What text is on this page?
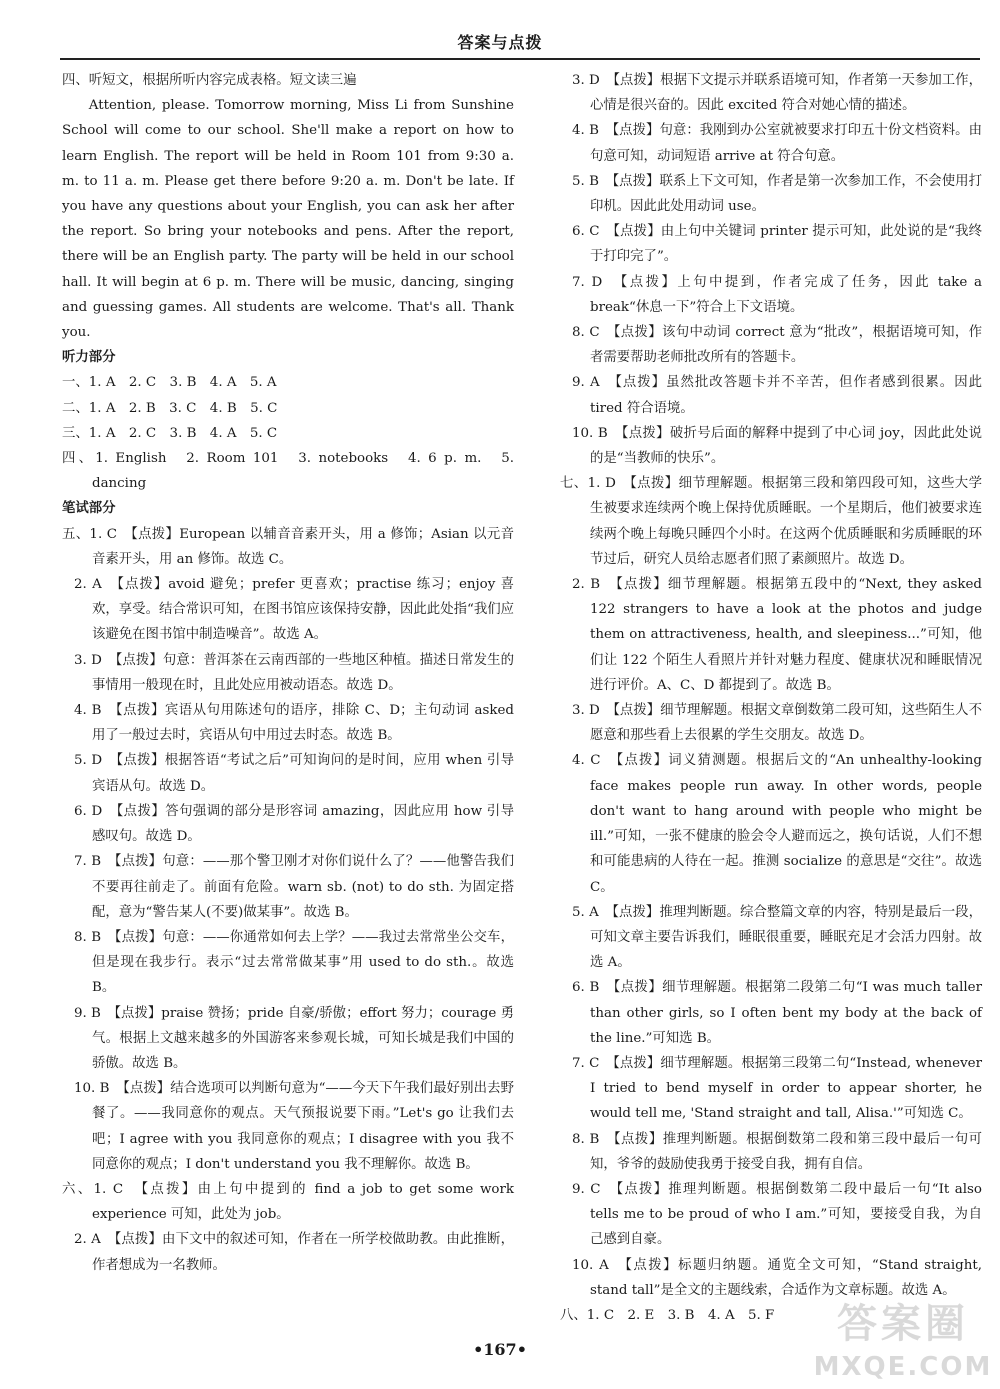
答案与点拨

四、听短文，根据所听内容完成表格。短文读三遍

Attention, please. Tomorrow morning, Miss Li from Sunshine School will come to our school. She'll make a report on how to learn English. The report will be held in Room 101 from 9:30 a. m. to 11 a. m. Please get there before 9:20 a. m. Don't be late. If you have any questions about your English, you can ask her after the report. So bring your notebooks and pens. After the report, there will be an English party. The party will be held in our school hall. It will begin at 6 p. m. There will be music, dancing, singing and guessing games. All students are welcome. That's all. Thank you.

听力部分

一、1. A　2. C　3. B　4. A　5. A

二、1. A　2. B　3. C　4. B　5. C

三、1. A　2. C　3. B　4. A　5. C

四、1. English　2. Room 101　3. notebooks　4. 6 p. m.　5. dancing

笔试部分

五、1. C　【点拨】European 以辅音音素开头，用 a 修饰；Asian 以元音音素开头，用 an 修饰。故选 C。

2. A　【点拨】avoid 避免；prefer 更喜欢；practise 练习；enjoy 喜欢，享受。结合常识可知，在图书馆应该保持安静，因此此处指“我们应该避免在图书馆中制造噪音”。故选 A。

3. D　【点拨】句意：普洱茶在云南西部的一些地区种植。描述日常发生的事情用一般现在时，且此处应用被动语态。故选 D。

4. B　【点拨】宾语从句用陈述句的语序，排除 C、D；主句动词 asked 用了一般过去时，宾语从句中用过去时态。故选 B。

5. D　【点拨】根据答语“考试之后”可知询问的是时间，应用 when 引导宾语从句。故选 D。

6. D　【点拨】答句强调的部分是形容词 amazing，因此应用 how 引导感叹句。故选 D。

7. B　【点拨】句意：——那个警卫刚才对你们说什么了？——他警告我们不要再往前走了。前面有危险。warn sb. (not) to do sth. 为固定搭配，意为“警告某人(不要)做某事”。故选 B。

8. B　【点拨】句意：——你通常如何去上学？——我过去常常坐公交车，但是现在我步行。表示“过去常常做某事”用 used to do sth.。故选 B。

9. B　【点拨】praise 赞扬；pride 自豪/骄傲；effort 努力；courage 勇气。根据上文越来越多的外国游客来参观长城，可知长城是我们中国的骄傲。故选 B。

10. B　【点拨】结合选项可以判断句意为“——今天下午我们最好别出去野餐了。——我同意你的观点。天气预报说要下雨。”Let's go 让我们去吧；I agree with you 我同意你的观点；I disagree with you 我不同意你的观点；I don't understand you 我不理解你。故选 B。

六、1. C　【点拨】由上句中提到的 find a job to get some work experience 可知，此处为 job。

2. A　【点拨】由下文中的叙述可知，作者在一所学校做助教。由此推断，作者想成为一名教师。

3. D　【点拨】根据下文提示并联系语境可知，作者第一天参加工作，心情是很兴奋的。因此 excited 符合对她心情的描述。

4. B　【点拨】句意：我刚到办公室就被要求打印五十份文档资料。由句意可知，动词短语 arrive at 符合句意。

5. B　【点拨】联系上下文可知，作者是第一次参加工作，不会使用打印机。因此此处用动词 use。

6. C　【点拨】由上句中关键词 printer 提示可知，此处说的是“我终于打印完了”。

7. D　【点拨】上句中提到，作者完成了任务，因此 take a break“休息一下”符合上下文语境。

8. C　【点拨】该句中动词 correct 意为“批改”，根据语境可知，作者需要帮助老师批改所有的答题卡。

9. A　【点拨】虽然批改答题卡并不辛苦，但作者感到很累。因此 tired 符合语境。

10. B　【点拨】破折号后面的解释中提到了中心词 joy，因此此处说的是“当教师的快乐”。

七、1. D　【点拨】细节理解题。根据第三段和第四段可知，这些大学生被要求连续两个晚上保持优质睡眠。一个星期后，他们被要求连续两个晚上每晚只睡四个小时。在这两个优质睡眠和劣质睡眠的环节过后，研究人员给志愿者们照了素颜照片。故选 D。

2. B　【点拨】细节理解题。根据第五段中的“Next, they asked 122 strangers to have a look at the photos and judge them on attractiveness, health, and sleepiness...”可知，他们让 122 个陌生人看照片并针对魅力程度、健康状况和睡眠情况进行评价。A、C、D 都提到了。故选 B。

3. D　【点拨】细节理解题。根据文章倒数第二段可知，这些陌生人不愿意和那些看上去很累的学生交朋友。故选 D。

4. C　【点拨】词义猜测题。根据后文的“An unhealthy-looking face makes people run away. In other words, people don't want to hang around with people who might be ill.”可知，一张不健康的脸会令人避而远之，换句话说，人们不想和可能患病的人待在一起。推测 socialize 的意思是“交往”。故选 C。

5. A　【点拨】推理判断题。综合整篇文章的内容，特别是最后一段，可知文章主要告诉我们，睡眠很重要，睡眠充足才会活力四射。故选 A。

6. B　【点拨】细节理解题。根据第二段第二句“I was much taller than other girls, so I often bent my body at the back of the line.”可知选 B。

7. C　【点拨】细节理解题。根据第三段第二句“Instead, whenever I tried to bend myself in order to appear shorter, he would tell me, 'Stand straight and tall, Alisa.'”可知选 C。

8. B　【点拨】推理判断题。根据倒数第二段和第三段中最后一句可知，爷爷的鼓励使我勇于接受自我，拥有自信。

9. C　【点拨】推理判断题。根据倒数第二段中最后一句“It also tells me to be proud of who I am.”可知，要接受自我，为自己感到自豪。

10. A　【点拨】标题归纳题。通览全文可知，“Stand straight, stand tall”是全文的主题线索，合适作为文章标题。故选 A。

八、1. C　2. E　3. B　4. A　5. F

•167•
答案圈
MXQE.COM
